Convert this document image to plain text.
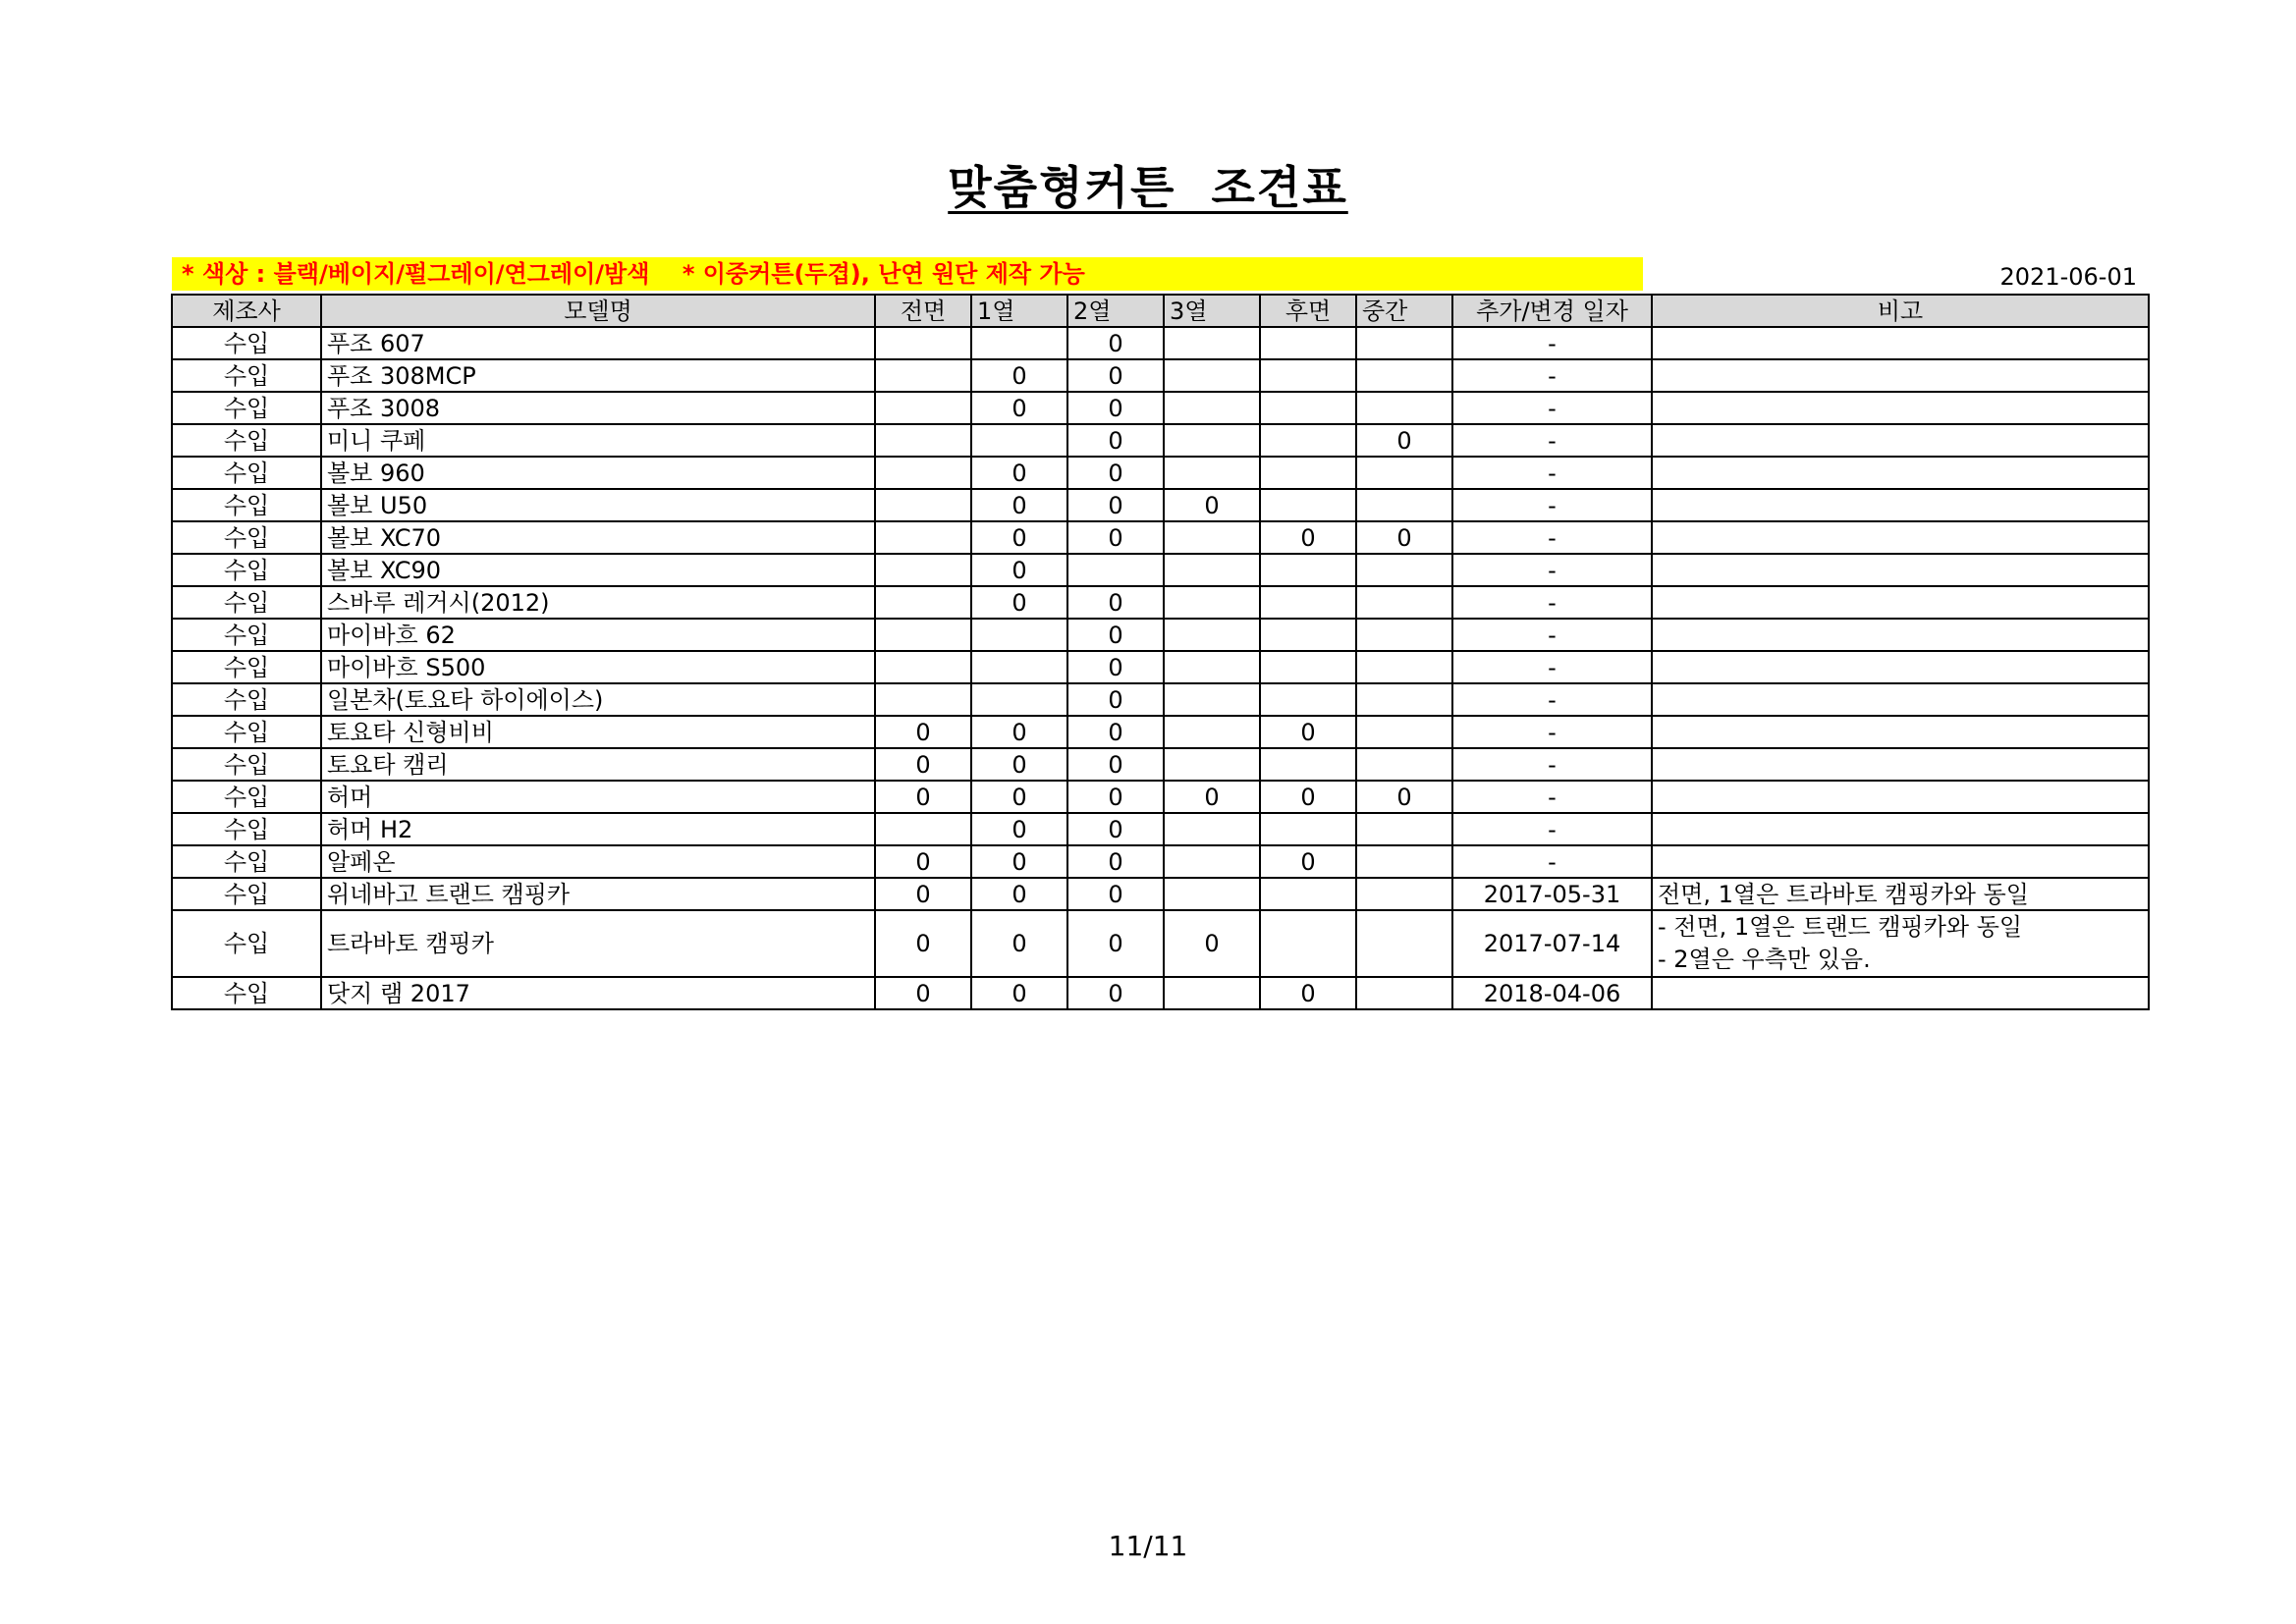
맞춤형커튼  조견표
* 색상 : 블랙/베이지/펄그레이/연그레이/밤색    * 이중커튼(두겹), 난연 원단 제작 가능	2021-06-01
제조사	모델명	전면	1열	2열	3열	후면	중간	추가/변경 일자	비고
수입	푸조 607			0				-	
수입	푸조 308MCP		0	0				-	
수입	푸조 3008		0	0				-	
수입	미니 쿠페			0			0	-	
수입	볼보 960		0	0				-	
수입	볼보 U50		0	0	0			-	
수입	볼보 XC70		0	0		0	0	-	
수입	볼보 XC90		0					-	
수입	스바루 레거시(2012)		0	0				-	
수입	마이바흐 62			0				-	
수입	마이바흐 S500			0				-	
수입	일본차(토요타 하이에이스)			0				-	
수입	토요타 신형비비	0	0	0		0		-	
수입	토요타 캠리	0	0	0				-	
수입	허머	0	0	0	0	0	0	-	
수입	허머 H2		0	0				-	
수입	알페온	0	0	0		0		-	
수입	위네바고 트랜드 캠핑카	0	0	0				2017-05-31	전면, 1열은 트라바토 캠핑카와 동일
수입	트라바토 캠핑카	0	0	0	0			2017-07-14	- 전면, 1열은 트랜드 캠핑카와 동일
- 2열은 우측만 있음.

수입	닷지 램 2017	0	0	0		0		2018-04-06	
11/11
